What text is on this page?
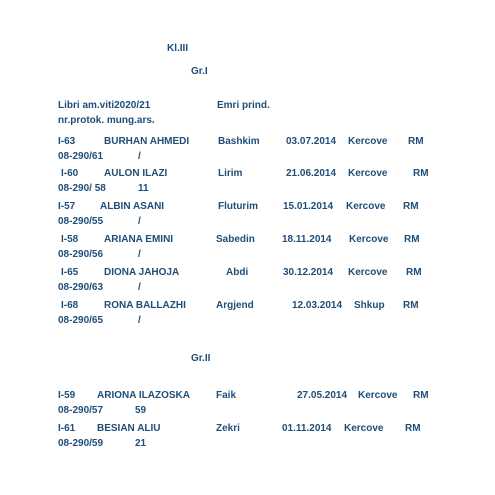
Kl.III
Gr.I
Libri am.viti2020/21	Emri prind.
nr.protok. mung.ars.
I-63	BURHAN AHMEDI	Bashkim	03.07.2014 Kercove RM
08-290/61	/
I-60	AULON ILAZI	Lirim	21.06.2014 Kercove	RM
08-290/ 58	11
I-57 ALBIN ASANI	Fluturim	15.01.2014 Kercove RM
08-290/55	/
I-58	ARIANA EMINI	Sabedin	18.11.2014 Kercove RM
08-290/56	/
I-65	DIONA JAHOJA	Abdi	30.12.2014 Kercove RM
08-290/63	/
I-68	RONA BALLAZHI	Argjend	12.03.2014 Shkup RM
08-290/65	/
Gr.II
I-59 ARIONA ILAZOSKA	Faik	27.05.2014 Kercove RM
08-290/57	59
I-61 BESIAN ALIU	Zekri	01.11.2014 Kercove RM
08-290/59	21
